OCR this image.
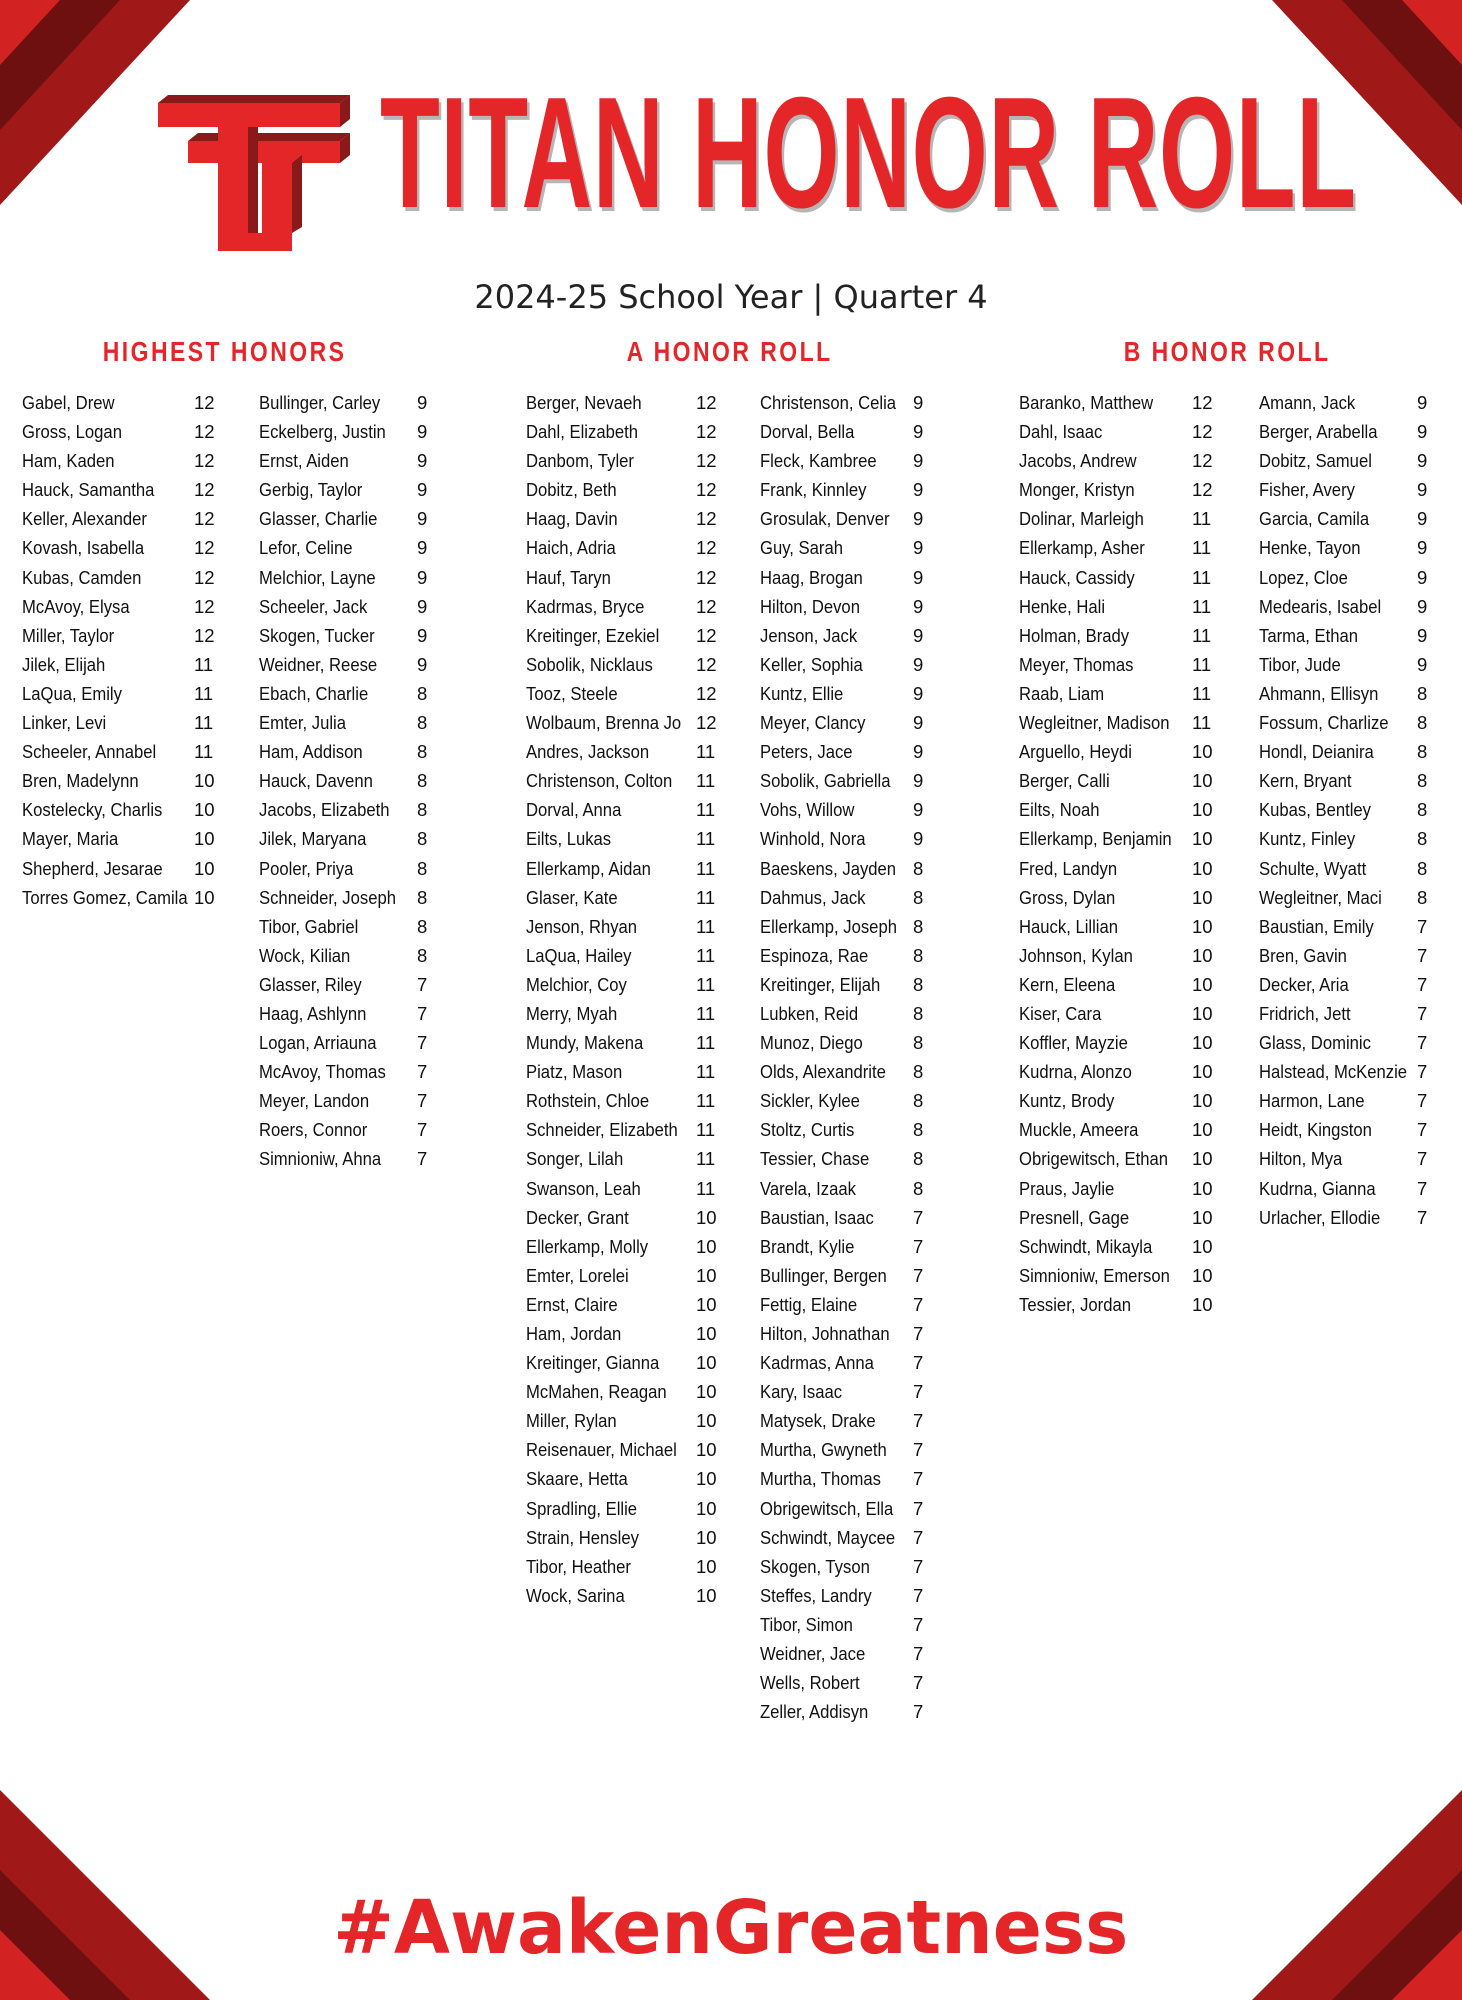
TITAN HONOR ROLL
2024-25 School Year | Quarter 4
HIGHEST HONORS	A HONOR ROLL	B HONOR ROLL
Gabel, Drew	12
Gross, Logan	12
Ham, Kaden	12
Hauck, Samantha 12
Keller, Alexander	12
Kovash, Isabella	12
Kubas, Camden	12
McAvoy, Elysa	12
Miller, Taylor	12
Jilek, Elijah	11
LaQua, Emily	11
Linker, Levi	11
Scheeler, Annabel 11
Bren, Madelynn	10
Kostelecky, Charlis 10
Mayer, Maria	10
Shepherd, Jesarae 10
Torres Gomez, Camila 10
Bullinger, Carley 9
Eckelberg, Justin 9
Ernst, Aiden	9
Gerbig, Taylor	9
Glasser, Charlie 9
Lefor, Celine	9
Melchior, Layne 9
Scheeler, Jack	9
Skogen, Tucker 9
Weidner, Reese 9
Ebach, Charlie	8
Emter, Julia	8
Ham, Addison	8
Hauck, Davenn 8
Jacobs, Elizabeth 8
Jilek, Maryana	8
Pooler, Priya	8
Schneider, Joseph 8
Tibor, Gabriel	8
Wock, Kilian	8
Glasser, Riley	7
Haag, Ashlynn	7
Logan, Arriauna 7
McAvoy, Thomas 7
Meyer, Landon	7
Roers, Connor	7
Simnioniw, Ahna 7
Berger, Nevaeh	12
Dahl, Elizabeth	12
Danbom, Tyler	12
Dobitz, Beth	12
Haag, Davin	12
Haich, Adria	12
Hauf, Taryn	12
Kadrmas, Bryce	12
Kreitinger, Ezekiel 12
Sobolik, Nicklaus 12
Tooz, Steele	12
Wolbaum, Brenna Jo 12
Andres, Jackson	11
Christenson, Colton 11
Dorval, Anna	11
Eilts, Lukas	11
Ellerkamp, Aidan 11
Glaser, Kate	11
Jenson, Rhyan	11
LaQua, Hailey	11
Melchior, Coy	11
Merry, Myah	11
Mundy, Makena	11
Piatz, Mason	11
Rothstein, Chloe	11
Schneider, Elizabeth 11
Songer, Lilah	11
Swanson, Leah	11
Decker, Grant	10
Ellerkamp, Molly	10
Emter, Lorelei	10
Ernst, Claire	10
Ham, Jordan	10
Kreitinger, Gianna 10
McMahen, Reagan 10
Miller, Rylan	10
Reisenauer, Michael 10
Skaare, Hetta	10
Spradling, Ellie	10
Strain, Hensley	10
Tibor, Heather	10
Wock, Sarina	10
Christenson, Celia 9
Dorval, Bella	9
Fleck, Kambree 9
Frank, Kinnley	9
Grosulak, Denver 9
Guy, Sarah	9
Haag, Brogan	9
Hilton, Devon	9
Jenson, Jack	9
Keller, Sophia	9
Kuntz, Ellie	9
Meyer, Clancy	9
Peters, Jace	9
Sobolik, Gabriella 9
Vohs, Willow	9
Winhold, Nora	9
Baeskens, Jayden 8
Dahmus, Jack	8
Ellerkamp, Joseph 8
Espinoza, Rae 8
Kreitinger, Elijah 8
Lubken, Reid	8
Munoz, Diego	8
Olds, Alexandrite 8
Sickler, Kylee	8
Stoltz, Curtis	8
Tessier, Chase 8
Varela, Izaak	8
Baustian, Isaac 7
Brandt, Kylie	7
Bullinger, Bergen 7
Fettig, Elaine	7
Hilton, Johnathan 7
Kadrmas, Anna 7
Kary, Isaac	7
Matysek, Drake 7
Murtha, Gwyneth 7
Murtha, Thomas 7
Obrigewitsch, Ella 7
Schwindt, Maycee 7
Skogen, Tyson 7
Steffes, Landry 7
Tibor, Simon	7
Weidner, Jace	7
Wells, Robert	7
Zeller, Addisyn 7
Baranko, Matthew 12
Dahl, Isaac	12
Jacobs, Andrew	12
Monger, Kristyn	12
Dolinar, Marleigh	11
Ellerkamp, Asher	11
Hauck, Cassidy	11
Henke, Hali	11
Holman, Brady	11
Meyer, Thomas	11
Raab, Liam	11
Wegleitner, Madison 11
Arguello, Heydi	10
Berger, Calli	10
Eilts, Noah	10
Ellerkamp, Benjamin 10
Fred, Landyn	10
Gross, Dylan	10
Hauck, Lillian	10
Johnson, Kylan	10
Kern, Eleena	10
Kiser, Cara	10
Koffler, Mayzie	10
Kudrna, Alonzo	10
Kuntz, Brody	10
Muckle, Ameera	10
Obrigewitsch, Ethan 10
Praus, Jaylie	10
Presnell, Gage	10
Schwindt, Mikayla 10
Simnioniw, Emerson 10
Tessier, Jordan	10
Amann, Jack	9
Berger, Arabella 9
Dobitz, Samuel 9
Fisher, Avery	9
Garcia, Camila	9
Henke, Tayon	9
Lopez, Cloe	9
Medearis, Isabel 9
Tarma, Ethan	9
Tibor, Jude	9
Ahmann, Ellisyn 8
Fossum, Charlize 8
Hondl, Deianira 8
Kern, Bryant	8
Kubas, Bentley 8
Kuntz, Finley	8
Schulte, Wyatt	8
Wegleitner, Maci 8
Baustian, Emily 7
Bren, Gavin	7
Decker, Aria	7
Fridrich, Jett	7
Glass, Dominic 7
Halstead, McKenzie 7
Harmon, Lane	7
Heidt, Kingston 7
Hilton, Mya	7
Kudrna, Gianna 7
Urlacher, Ellodie 7
#AwakenGreatness
